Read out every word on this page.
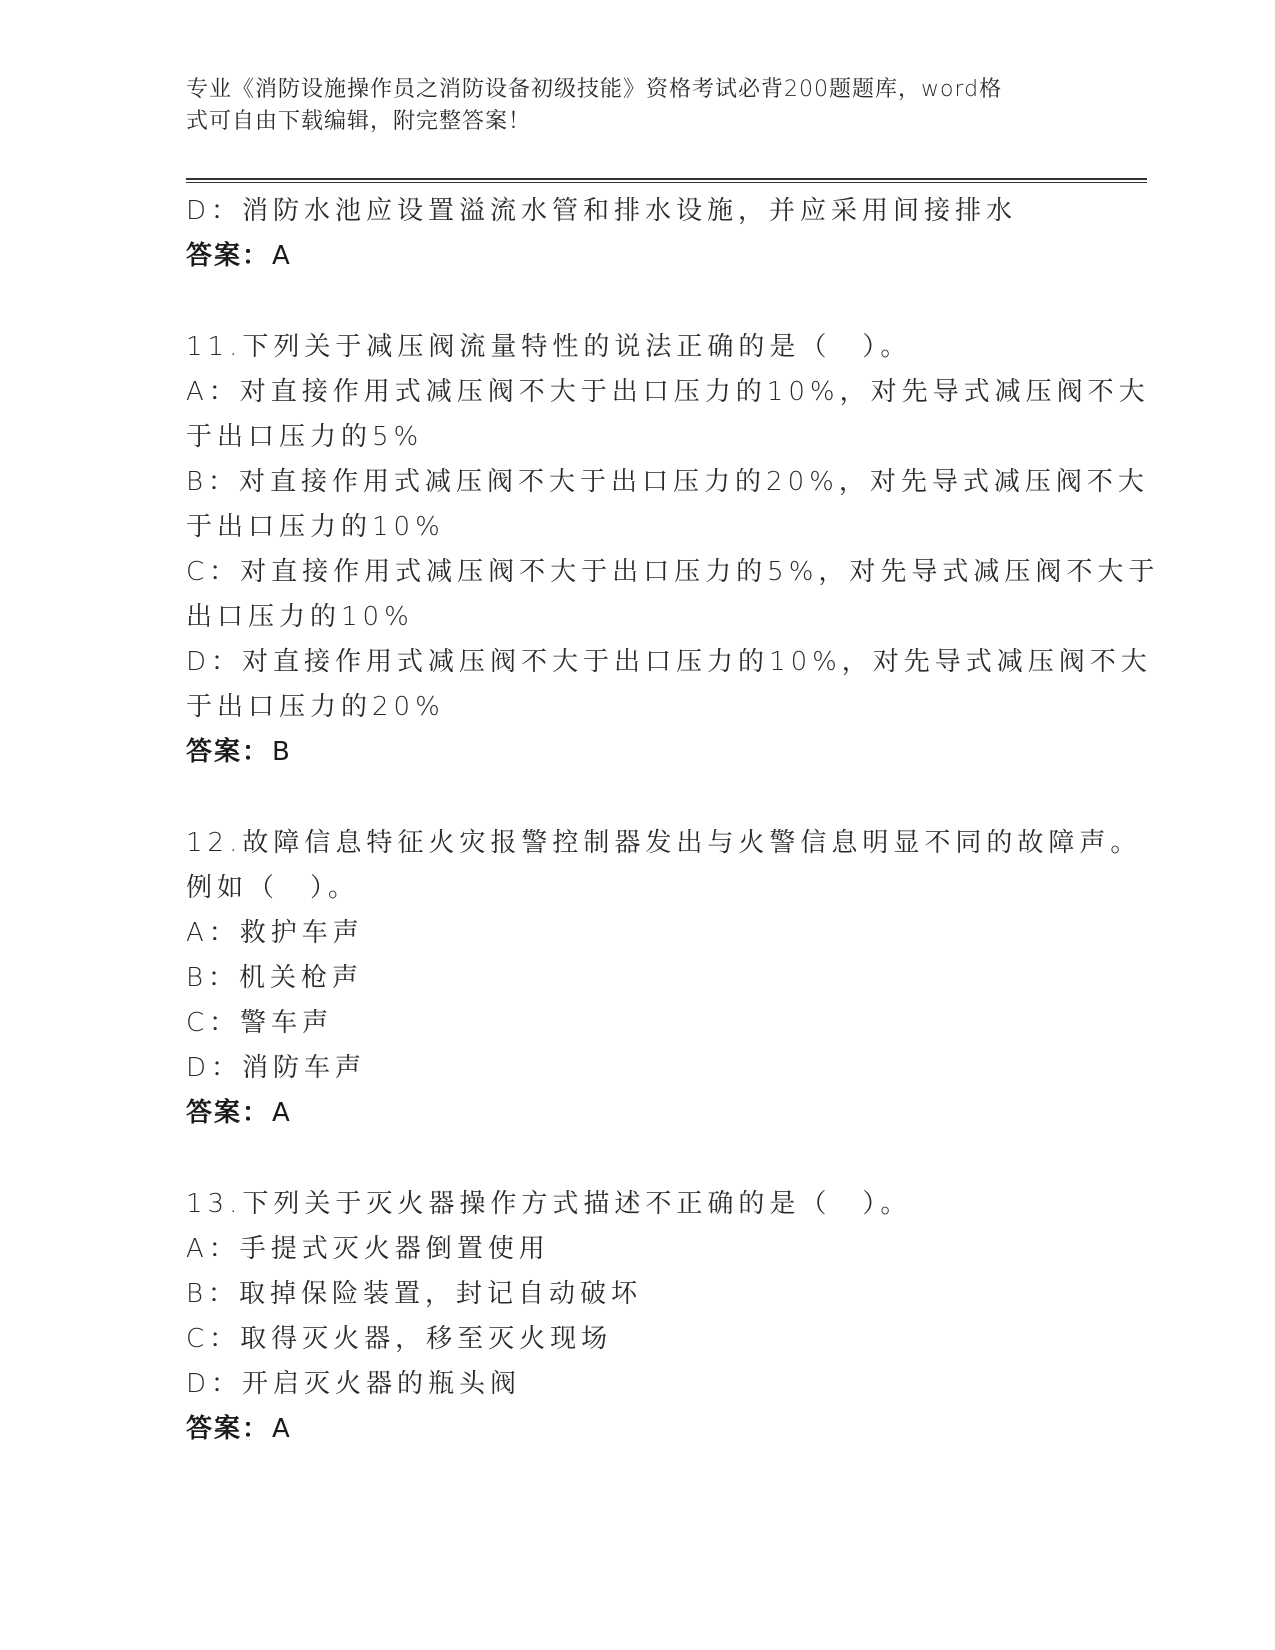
专业《消防设施操作员之消防设备初级技能》资格考试必背200题题库，word格
式可自由下载编辑，附完整答案！
D：消防水池应设置溢流水管和排水设施，并应采用间接排水
答案：A
11.下列关于减压阀流量特性的说法正确的是（　）。
A：对直接作用式减压阀不大于出口压力的10%，对先导式减压阀不大
于出口压力的5%
B：对直接作用式减压阀不大于出口压力的20%，对先导式减压阀不大
于出口压力的10%
C：对直接作用式减压阀不大于出口压力的5%，对先导式减压阀不大于
出口压力的10%
D：对直接作用式减压阀不大于出口压力的10%，对先导式减压阀不大
于出口压力的20%
答案：B
12.故障信息特征火灾报警控制器发出与火警信息明显不同的故障声。
例如（　）。
A：救护车声
B：机关枪声
C：警车声
D：消防车声
答案：A
13.下列关于灭火器操作方式描述不正确的是（　）。
A：手提式灭火器倒置使用
B：取掉保险装置，封记自动破坏
C：取得灭火器，移至灭火现场
D：开启灭火器的瓶头阀
答案：A
